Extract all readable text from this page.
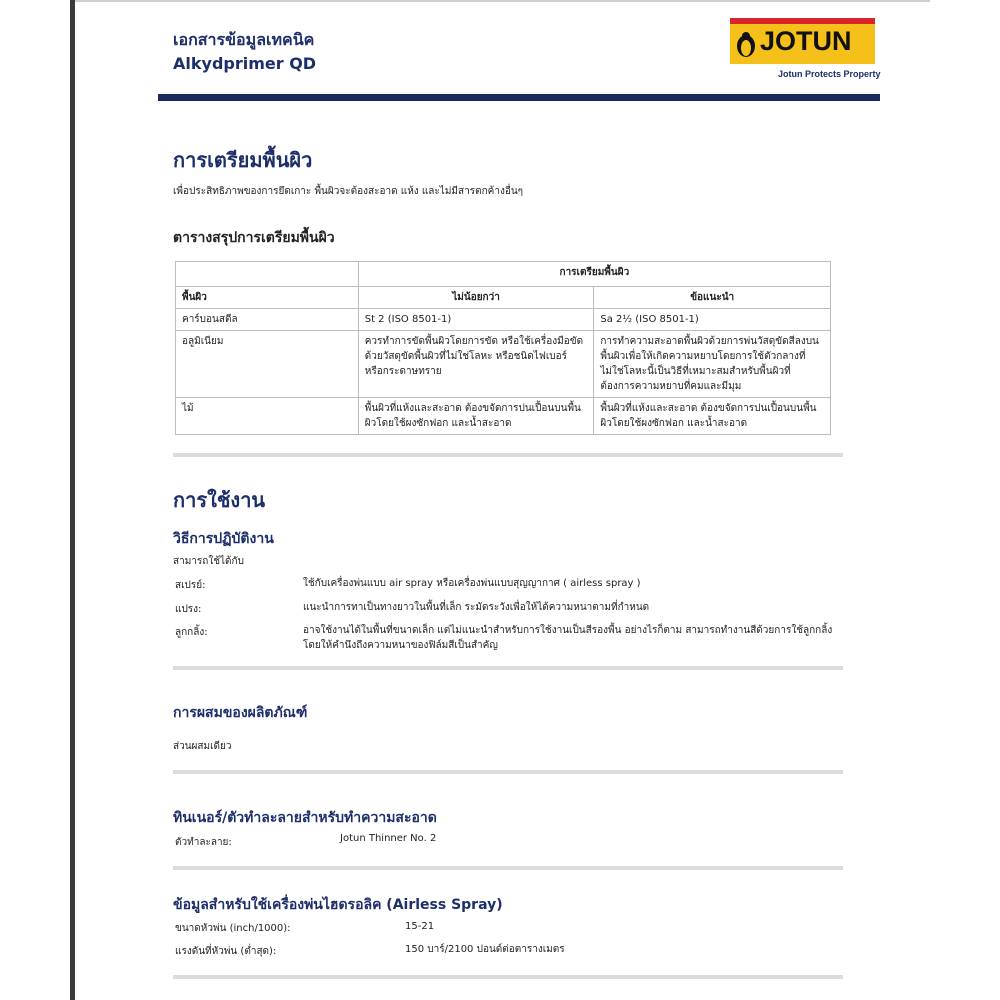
เอกสารข้อมูลเทคนิค
Alkydprimer QD
JOTUN
Jotun Protects Property
การเตรียมพื้นผิว
เพื่อประสิทธิภาพของการยึดเกาะ พื้นผิวจะต้องสะอาด แห้ง และไม่มีสารตกค้างอื่นๆ
ตารางสรุปการเตรียมพื้นผิว
	การเตรียมพื้นผิว	
พื้นผิว	ไม่น้อยกว่า	ข้อแนะนำ
คาร์บอนสตีล	St 2 (ISO 8501-1)	Sa 2½ (ISO 8501-1)
อลูมิเนียม	ควรทำการขัดพื้นผิวโดยการขัด หรือใช้เครื่องมือขัด ด้วยวัสดุขัดพื้นผิวที่ไม่ใช่โลหะ หรือชนิดไฟเบอร์ หรือกระดาษทราย	การทำความสะอาดพื้นผิวด้วยการพ่นวัสดุขัดสีลงบนพื้นผิวเพื่อให้เกิดความหยาบโดยการใช้ตัวกลางที่ไม่ใช่โลหะนี้เป็นวิธีที่เหมาะสมสำหรับพื้นผิวที่ต้องการความหยาบที่คมและมีมุม
ไม้	พื้นผิวที่แห้งและสะอาด ต้องขจัดการปนเปื้อนบนพื้นผิวโดยใช้ผงซักฟอก และน้ำสะอาด	พื้นผิวที่แห้งและสะอาด ต้องขจัดการปนเปื้อนบนพื้นผิวโดยใช้ผงซักฟอก และน้ำสะอาด
การใช้งาน
วิธีการปฏิบัติงาน
สามารถใช้ได้กับ
สเปรย์:	ใช้กับเครื่องพ่นแบบ air spray หรือเครื่องพ่นแบบสุญญากาศ ( airless spray )
แปรง:	แนะนำการทาเป็นทางยาวในพื้นที่เล็ก ระมัดระวังเพื่อให้ได้ความหนาตามที่กำหนด
ลูกกลิ้ง:	อาจใช้งานได้ในพื้นที่ขนาดเล็ก แต่ไม่แนะนำสำหรับการใช้งานเป็นสีรองพื้น อย่างไรก็ตาม สามารถทำงานสีด้วยการใช้ลูกกลิ้ง โดยให้คำนึงถึงความหนาของฟิล์มสีเป็นสำคัญ
การผสมของผลิตภัณฑ์
ส่วนผสมเดียว
ทินเนอร์/ตัวทำละลายสำหรับทำความสะอาด
ตัวทำละลาย:	Jotun Thinner No. 2
ข้อมูลสำหรับใช้เครื่องพ่นไฮดรอลิค (Airless Spray)
ขนาดหัวพ่น (inch/1000):	15-21
แรงดันที่หัวพ่น (ต่ำสุด):	150 บาร์/2100 ปอนด์ต่อตารางเมตร
